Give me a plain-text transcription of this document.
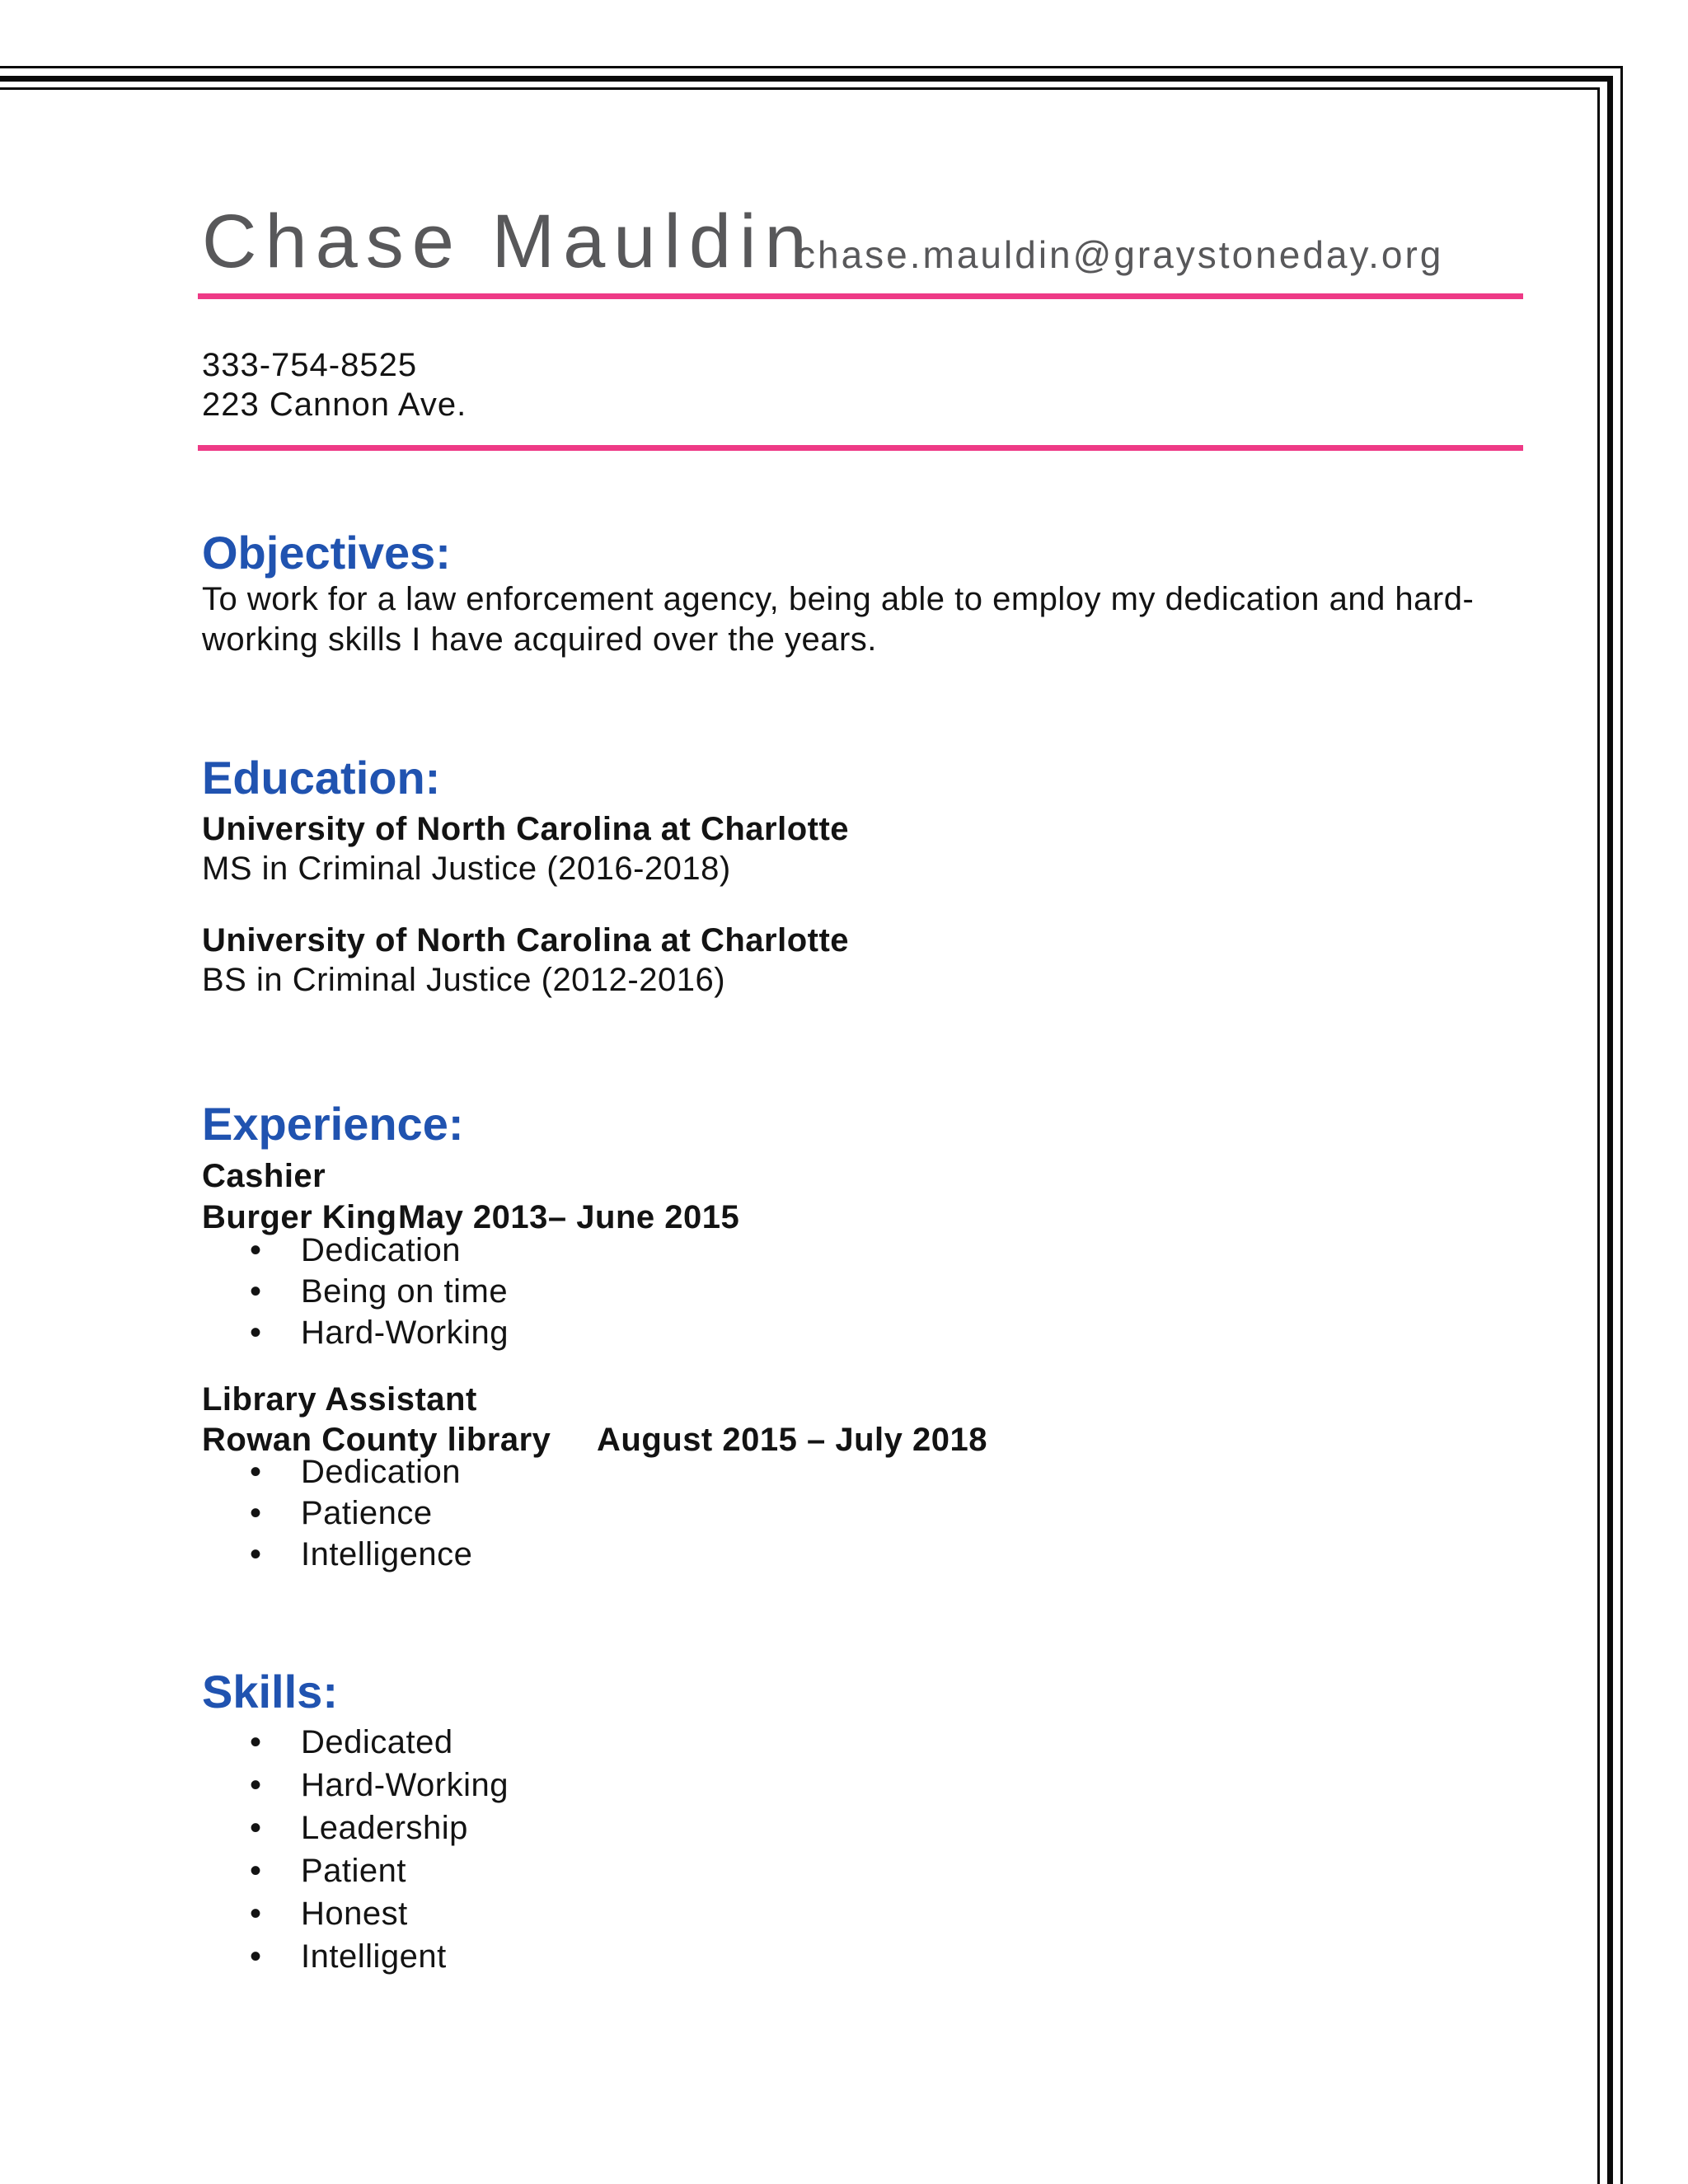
Chase Mauldin
chase.mauldin@graystoneday.org
333-754-8525
223 Cannon Ave.
Objectives:
To work for a law enforcement agency, being able to employ my dedication and hard-
working skills I have acquired over the years.
Education:
University of North Carolina at Charlotte
MS in Criminal Justice (2016-2018)
University of North Carolina at Charlotte
BS in Criminal Justice (2012-2016)
Experience:
Cashier
Burger King May 2013– June 2015
• Dedication
• Being on time
• Hard-Working
Library Assistant
Rowan County library August 2015 – July 2018
• Dedication
• Patience
• Intelligence
Skills:
• Dedicated
• Hard-Working
• Leadership
• Patient
• Honest
• Intelligent
